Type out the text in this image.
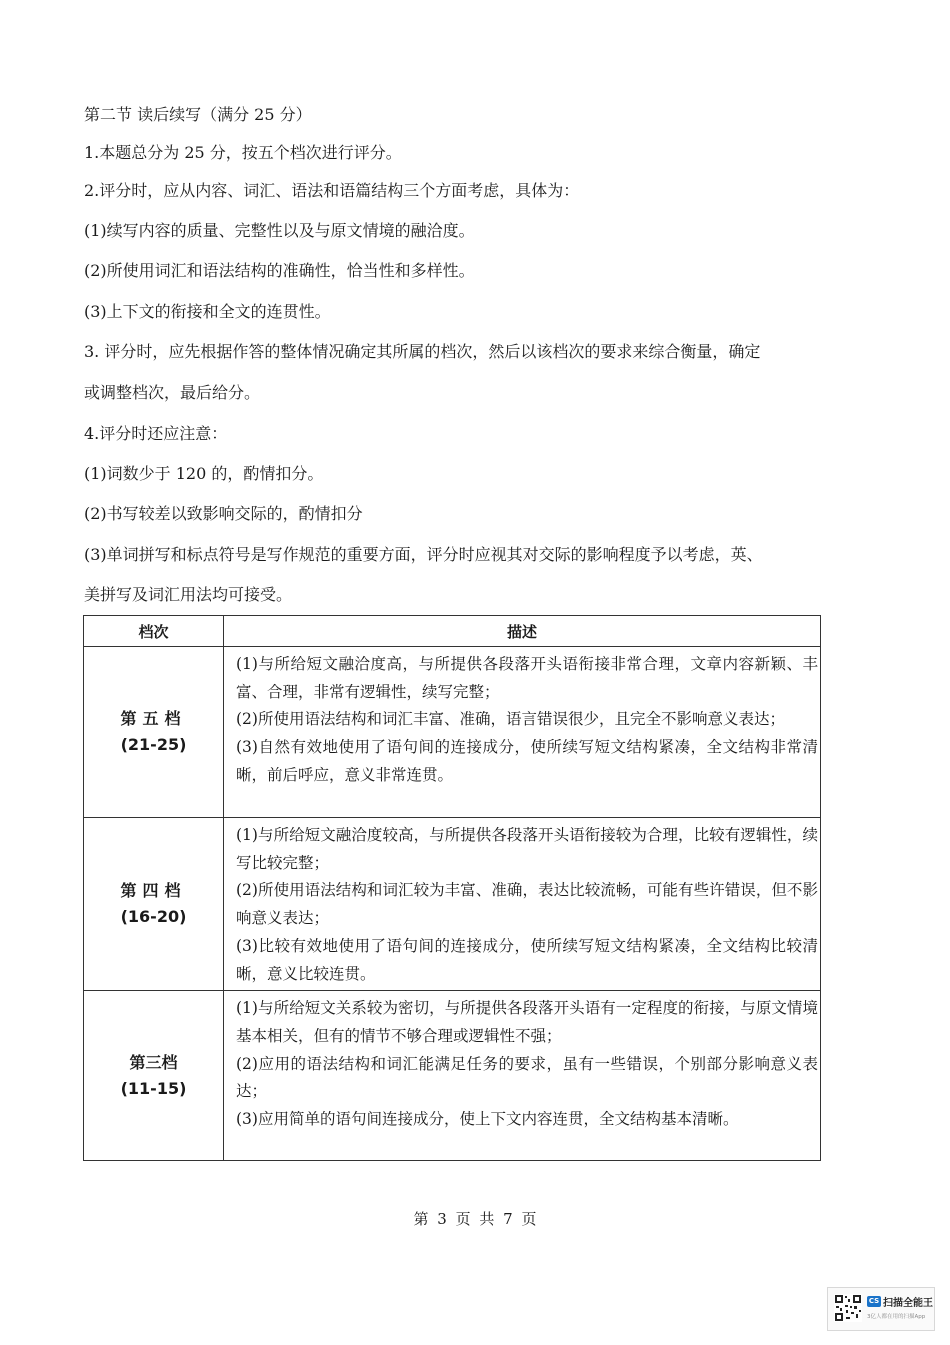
第二节 读后续写（满分 25 分）
1.本题总分为 25 分，按五个档次进行评分。
2.评分时，应从内容、词汇、语法和语篇结构三个方面考虑，具体为：
(1)续写内容的质量、完整性以及与原文情境的融洽度。
(2)所使用词汇和语法结构的准确性，恰当性和多样性。
(3)上下文的衔接和全文的连贯性。
3. 评分时，应先根据作答的整体情况确定其所属的档次，然后以该档次的要求来综合衡量，确定
或调整档次，最后给分。
4.评分时还应注意：
(1)词数少于 120 的，酌情扣分。
(2)书写较差以致影响交际的，酌情扣分
(3)单词拼写和标点符号是写作规范的重要方面，评分时应视其对交际的影响程度予以考虑，英、
美拼写及词汇用法均可接受。
档次	描述

第五档
(21-25)	(1)与所给短文融洽度高，与所提供各段落开头语衔接非常合理，文章内容新颖、丰富、合理，非常有逻辑性，续写完整；
(2)所使用语法结构和词汇丰富、准确，语言错误很少，且完全不影响意义表达；
(3)自然有效地使用了语句间的连接成分，使所续写短文结构紧凑，全文结构非常清晰，前后呼应，意义非常连贯。

第四档
(16-20)	(1)与所给短文融洽度较高，与所提供各段落开头语衔接较为合理，比较有逻辑性，续写比较完整；
(2)所使用语法结构和词汇较为丰富、准确，表达比较流畅，可能有些许错误，但不影响意义表达；
(3)比较有效地使用了语句间的连接成分，使所续写短文结构紧凑，全文结构比较清晰，意义比较连贯。

第三档
(11-15)	(1)与所给短文关系较为密切，与所提供各段落开头语有一定程度的衔接，与原文情境基本相关，但有的情节不够合理或逻辑性不强；
(2)应用的语法结构和词汇能满足任务的要求，虽有一些错误，个别部分影响意义表达；
(3)应用简单的语句间连接成分，使上下文内容连贯，全文结构基本清晰。
第 3 页 共 7 页
CS 扫描全能王
3亿人都在用的扫描App
